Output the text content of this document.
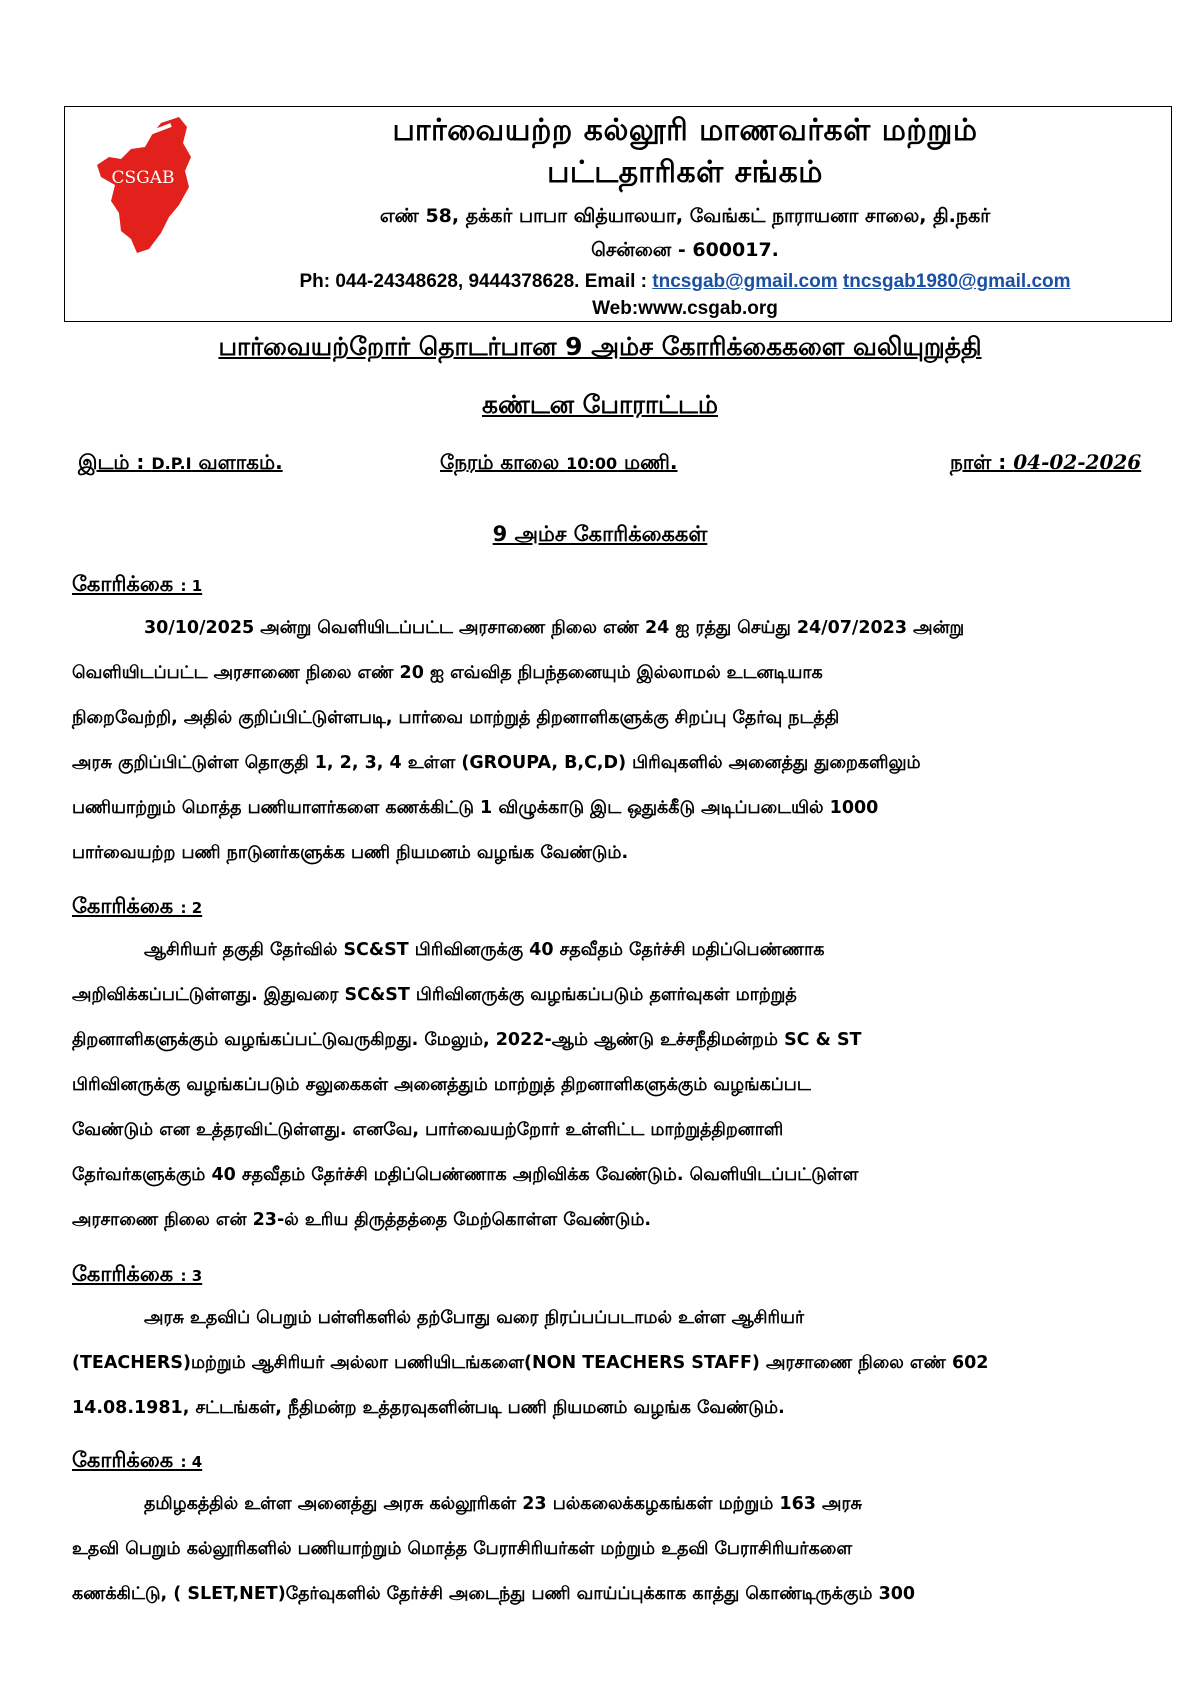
CSGAB
பார்வையற்ற கல்லூரி மாணவர்கள் மற்றும்
பட்டதாரிகள் சங்கம்
எண் 58, தக்கர் பாபா வித்யாலயா, வேங்கட் நாராயனா சாலை, தி.நகர்
சென்னை - 600017.
Ph: 044-24348628, 9444378628. Email : tncsgab@gmail.com tncsgab1980@gmail.com
Web:www.csgab.org
பார்வையற்றோர் தொடர்பான 9 அம்ச கோரிக்கைகளை வலியுறுத்தி
கண்டன போராட்டம்
இடம் : D.P.I வளாகம்.	நேரம் காலை 10:00 மணி.	நாள் : 04-02-2026
9 அம்ச கோரிக்கைகள்
கோரிக்கை : 1
30/10/2025 அன்று வெளியிடப்பட்ட அரசாணை நிலை எண் 24 ஐ ரத்து செய்து 24/07/2023 அன்று
வெளியிடப்பட்ட அரசாணை நிலை எண் 20 ஐ எவ்வித நிபந்தனையும் இல்லாமல் உடனடியாக
நிறைவேற்றி, அதில் குறிப்பிட்டுள்ளபடி, பார்வை மாற்றுத் திறனாளிகளுக்கு சிறப்பு தேர்வு நடத்தி
அரசு குறிப்பிட்டுள்ள தொகுதி 1, 2, 3, 4 உள்ள (GROUPA, B,C,D) பிரிவுகளில் அனைத்து துறைகளிலும்
பணியாற்றும் மொத்த பணியாளர்களை கணக்கிட்டு 1 விழுக்காடு இட ஒதுக்கீடு அடிப்படையில் 1000
பார்வையற்ற பணி நாடுனர்களுக்க பணி நியமனம் வழங்க வேண்டும்.
கோரிக்கை : 2
ஆசிரியர் தகுதி தேர்வில் SC&ST பிரிவினருக்கு 40 சதவீதம் தேர்ச்சி மதிப்பெண்ணாக
அறிவிக்கப்பட்டுள்ளது. இதுவரை SC&ST பிரிவினருக்கு வழங்கப்படும் தளர்வுகள் மாற்றுத்
திறனாளிகளுக்கும் வழங்கப்பட்டுவருகிறது. மேலும், 2022-ஆம் ஆண்டு உச்சநீதிமன்றம் SC & ST
பிரிவினருக்கு வழங்கப்படும் சலுகைகள் அனைத்தும் மாற்றுத் திறனாளிகளுக்கும் வழங்கப்பட
வேண்டும் என உத்தரவிட்டுள்ளது. எனவே, பார்வையற்றோர் உள்ளிட்ட மாற்றுத்திறனாளி
தேர்வர்களுக்கும் 40 சதவீதம் தேர்ச்சி மதிப்பெண்ணாக அறிவிக்க வேண்டும். வெளியிடப்பட்டுள்ள
அரசாணை நிலை என் 23-ல் உரிய திருத்தத்தை மேற்கொள்ள வேண்டும்.
கோரிக்கை : 3
அரசு உதவிப் பெறும் பள்ளிகளில் தற்போது வரை நிரப்பப்படாமல் உள்ள ஆசிரியர்
(TEACHERS)மற்றும் ஆசிரியர் அல்லா பணியிடங்களை(NON TEACHERS STAFF) அரசாணை நிலை எண் 602
14.08.1981, சட்டங்கள், நீதிமன்ற உத்தரவுகளின்படி பணி நியமனம் வழங்க வேண்டும்.
கோரிக்கை : 4
தமிழகத்தில் உள்ள அனைத்து அரசு கல்லூரிகள் 23 பல்கலைக்கழகங்கள் மற்றும் 163 அரசு
உதவி பெறும் கல்லூரிகளில் பணியாற்றும் மொத்த பேராசிரியர்கள் மற்றும் உதவி பேராசிரியர்களை
கணக்கிட்டு, ( SLET,NET)தேர்வுகளில் தேர்ச்சி அடைந்து பணி வாய்ப்புக்காக காத்து கொண்டிருக்கும் 300
